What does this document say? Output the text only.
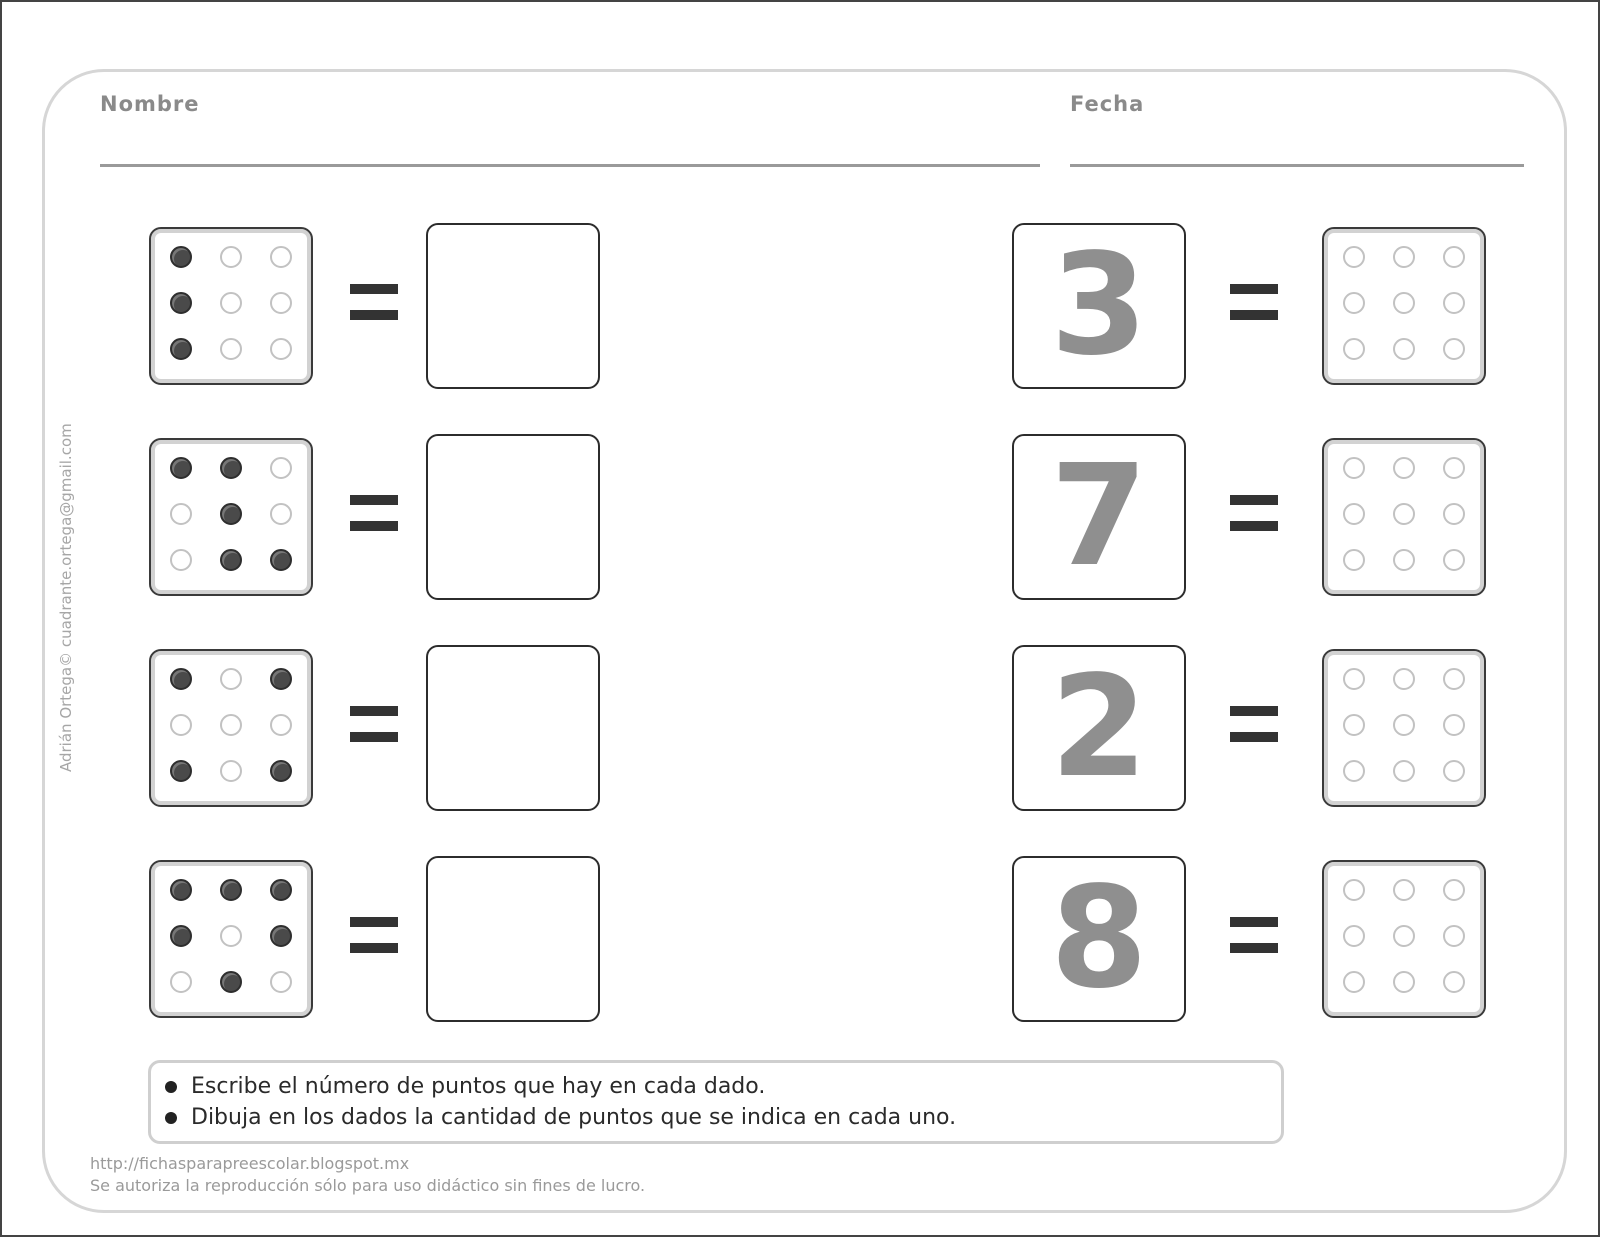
Nombre	Fecha
Adrián Ortega© cuadrante.ortega@gmail.com
3
7
2
8
Escribe el número de puntos que hay en cada dado.
Dibuja en los dados la cantidad de puntos que se indica en cada uno.
http://fichasparapreescolar.blogspot.mx
Se autoriza la reproducción sólo para uso didáctico sin fines de lucro.
